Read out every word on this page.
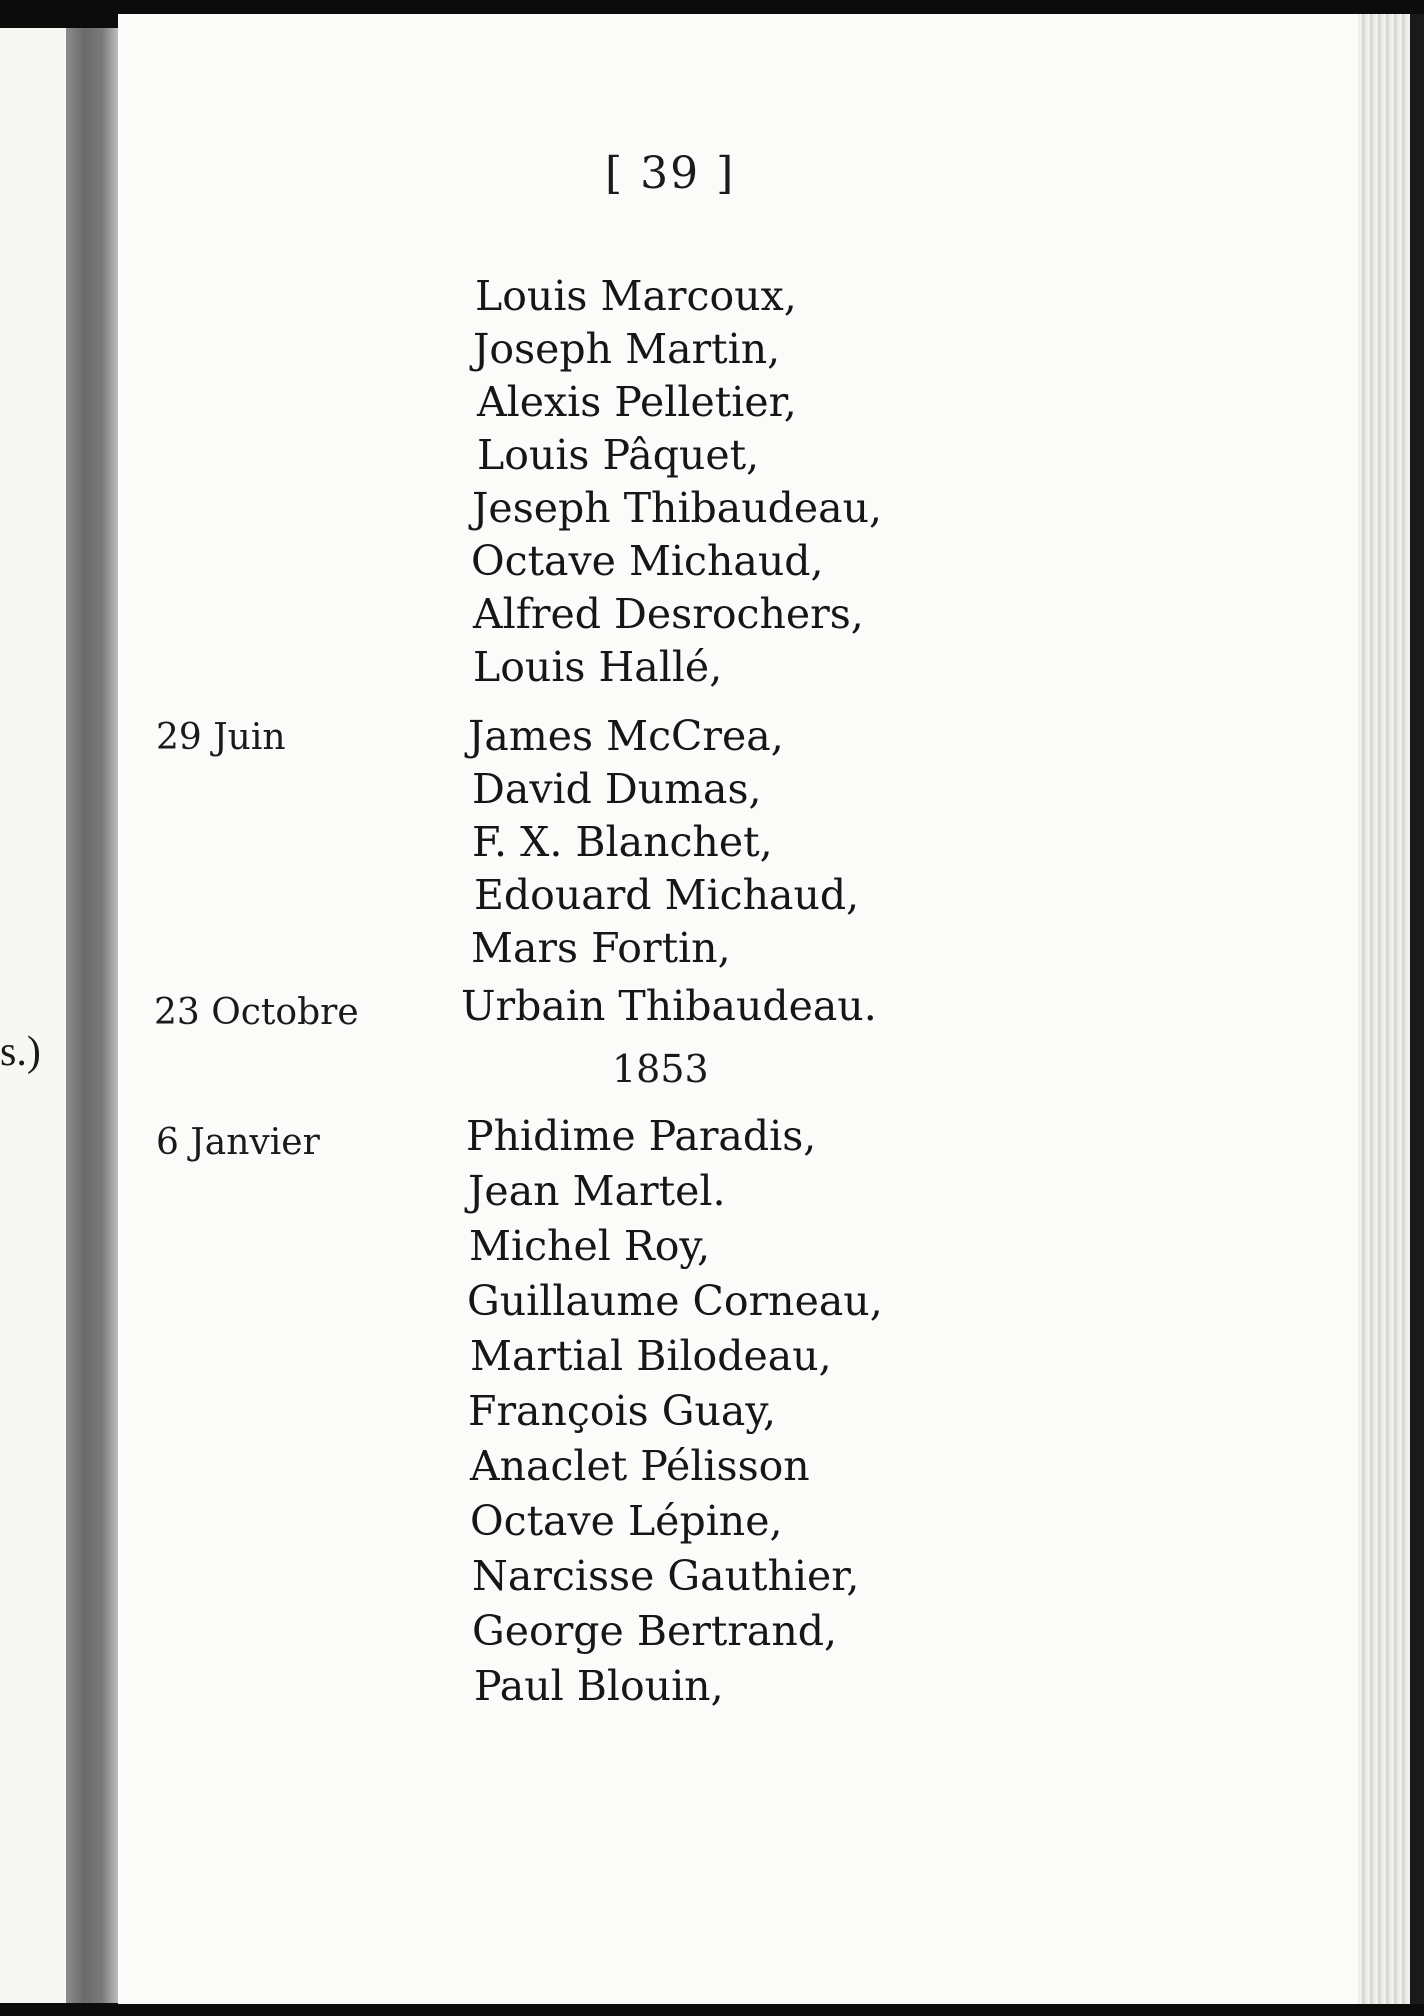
s.)
[ 39 ]
Louis Marcoux,
Joseph Martin,
Alexis Pelletier,
Louis Pâquet,
Jeseph Thibaudeau,
Octave Michaud,
Alfred Desrochers,
Louis Hallé,
29 Juin	James McCrea,
David Dumas,
F. X. Blanchet,
Edouard Michaud,
Mars Fortin,
23 Octobre Urbain Thibaudeau.
1853
6 Janvier	Phidime Paradis,
Jean Martel.
Michel Roy,
Guillaume Corneau,
Martial Bilodeau,
François Guay,
Anaclet Pélisson
Octave Lépine,
Narcisse Gauthier,
George Bertrand,
Paul Blouin,
